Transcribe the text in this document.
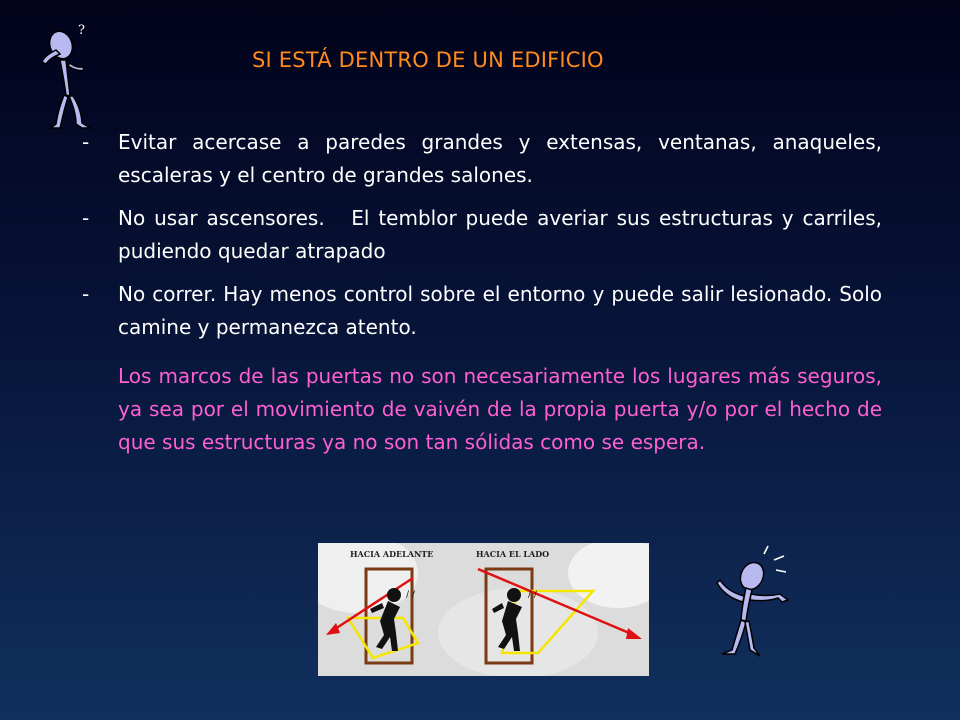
?
SI ESTÁ DENTRO DE UN EDIFICIO
-	Evitar acercase a paredes grandes y extensas, ventanas, anaqueles, escaleras y el centro de grandes salones.
-	No usar ascensores.   El temblor puede averiar sus estructuras y carriles, pudiendo quedar atrapado
-	No correr. Hay menos control sobre el entorno y puede salir lesionado. Solo camine y permanezca atento.
Los marcos de las puertas no son necesariamente los lugares más seguros, ya sea por el movimiento de vaivén de la propia puerta y/o por el hecho de que sus estructuras ya no son tan sólidas como se espera.
/ /	/ /
HACIA ADELANTE	HACIA EL LADO
